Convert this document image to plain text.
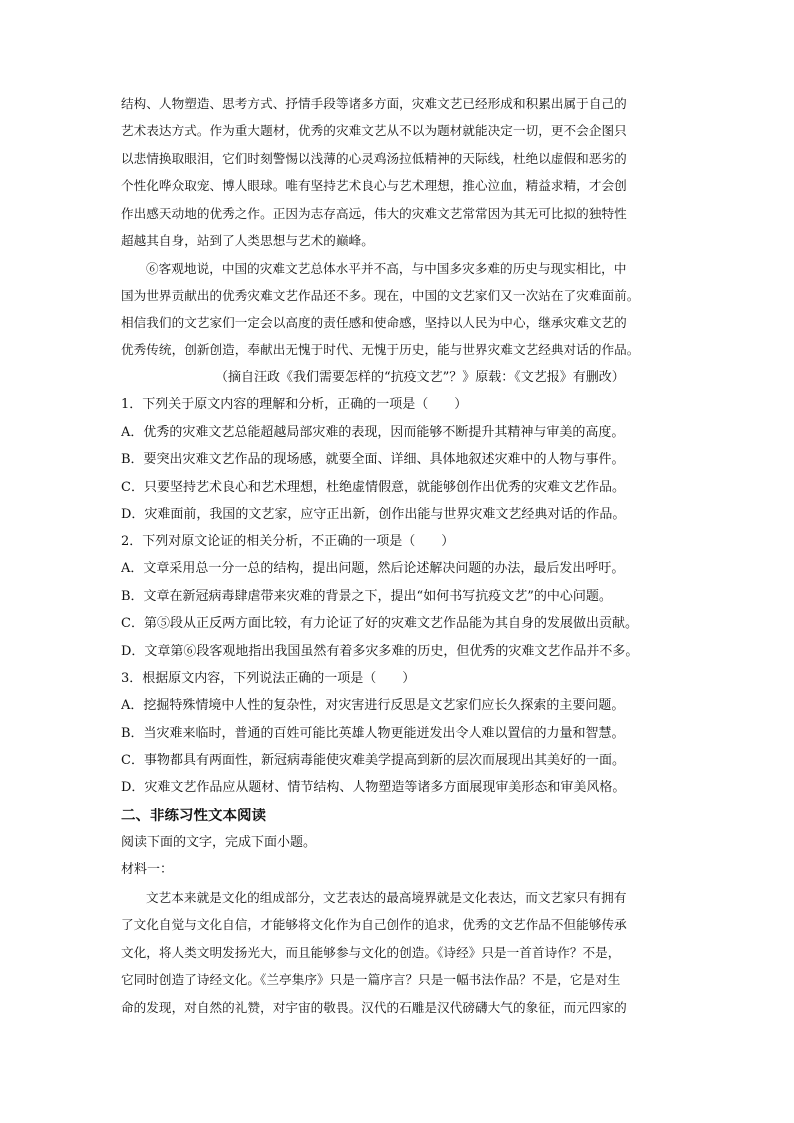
结构、人物塑造、思考方式、抒情手段等诸多方面，灾难文艺已经形成和积累出属于自己的
艺术表达方式。作为重大题材，优秀的灾难文艺从不以为题材就能决定一切，更不会企图只
以悲情换取眼泪，它们时刻警惕以浅薄的心灵鸡汤拉低精神的天际线，杜绝以虚假和恶劣的
个性化哗众取宠、博人眼球。唯有坚持艺术良心与艺术理想，推心泣血，精益求精，才会创
作出感天动地的优秀之作。正因为志存高远，伟大的灾难文艺常常因为其无可比拟的独特性
超越其自身，站到了人类思想与艺术的巅峰。
⑥客观地说，中国的灾难文艺总体水平并不高，与中国多灾多难的历史与现实相比，中
国为世界贡献出的优秀灾难文艺作品还不多。现在，中国的文艺家们又一次站在了灾难面前。
相信我们的文艺家们一定会以高度的责任感和使命感，坚持以人民为中心，继承灾难文艺的
优秀传统，创新创造，奉献出无愧于时代、无愧于历史，能与世界灾难文艺经典对话的作品。
（摘自汪政《我们需要怎样的“抗疫文艺”？》原载：《文艺报》有删改）
1．下列关于原文内容的理解和分析，正确的一项是（　　）
A．优秀的灾难文艺总能超越局部灾难的表现，因而能够不断提升其精神与审美的高度。
B．要突出灾难文艺作品的现场感，就要全面、详细、具体地叙述灾难中的人物与事件。
C．只要坚持艺术良心和艺术理想，杜绝虚情假意，就能够创作出优秀的灾难文艺作品。
D．灾难面前，我国的文艺家，应守正出新，创作出能与世界灾难文艺经典对话的作品。
2．下列对原文论证的相关分析，不正确的一项是（　　）
A．文章采用总一分一总的结构，提出问题，然后论述解决问题的办法，最后发出呼吁。
B．文章在新冠病毒肆虐带来灾难的背景之下，提出“如何书写抗疫文艺”的中心问题。
C．第⑤段从正反两方面比较，有力论证了好的灾难文艺作品能为其自身的发展做出贡献。
D．文章第⑥段客观地指出我国虽然有着多灾多难的历史，但优秀的灾难文艺作品并不多。
3．根据原文内容，下列说法正确的一项是（　　）
A．挖掘特殊情境中人性的复杂性，对灾害进行反思是文艺家们应长久探索的主要问题。
B．当灾难来临时，普通的百姓可能比英雄人物更能迸发出令人难以置信的力量和智慧。
C．事物都具有两面性，新冠病毒能使灾难美学提高到新的层次而展现出其美好的一面。
D．灾难文艺作品应从题材、情节结构、人物塑造等诸多方面展现审美形态和审美风格。
二、非练习性文本阅读
阅读下面的文字，完成下面小题。
材料一：
文艺本来就是文化的组成部分，文艺表达的最高境界就是文化表达，而文艺家只有拥有
了文化自觉与文化自信，才能够将文化作为自己创作的追求，优秀的文艺作品不但能够传承
文化，将人类文明发扬光大，而且能够参与文化的创造。《诗经》只是一首首诗作？不是，
它同时创造了诗经文化。《兰亭集序》只是一篇序言？只是一幅书法作品？不是，它是对生
命的发现，对自然的礼赞，对宇宙的敬畏。汉代的石雕是汉代磅礴大气的象征，而元四家的
